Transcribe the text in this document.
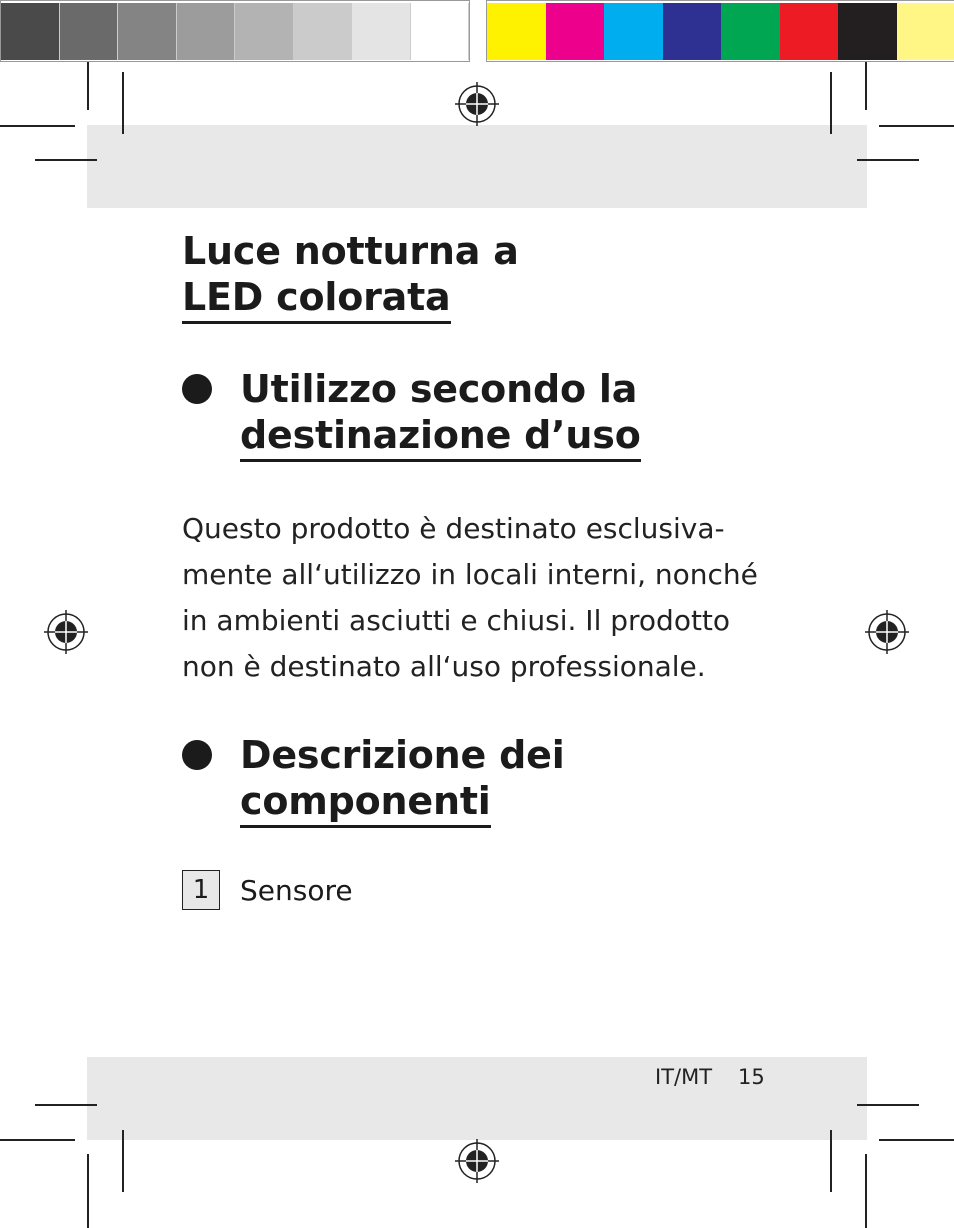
Luce notturna a
LED colorata
Utilizzo secondo la
destinazione d’uso

Questo prodotto è destinato esclusiva-mente all‘utilizzo in locali interni, nonché in ambienti asciutti e chiusi. Il prodotto non è destinato all‘uso professionale.

Descrizione dei
componenti
1	Sensore
IT/MT 15
